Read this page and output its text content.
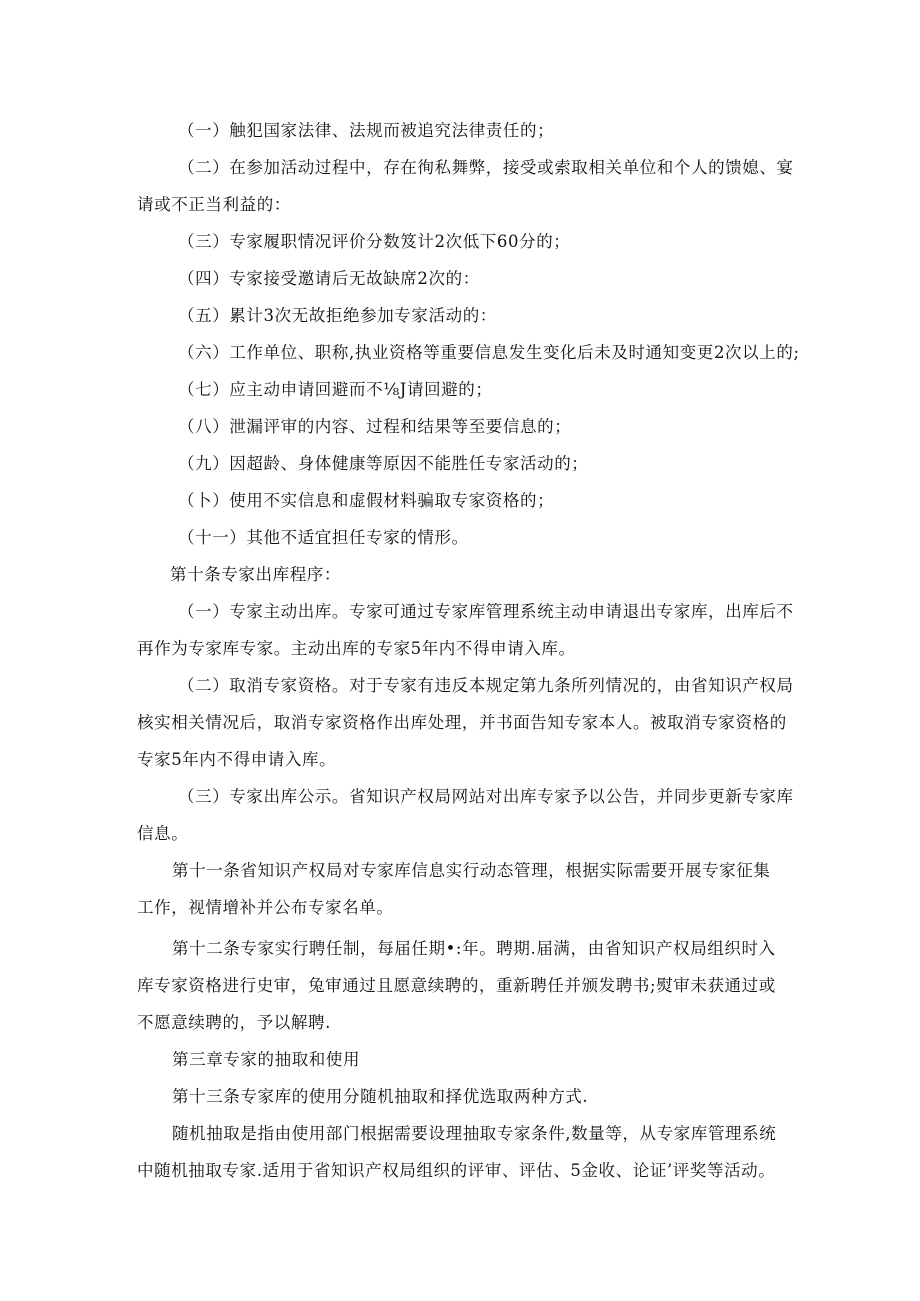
（一）触犯国家法律、法规而被追究法律责任的；
（二）在参加活动过程中，存在徇私舞弊，接受或索取相关单位和个人的馈媳、宴
请或不正当利益的：
（三）专家履职情况评价分数笈计2次低下60分的；
（四）专家接受邀请后无故缺席2次的：
（五）累计3次无故拒绝参加专家活动的：
（六）工作单位、职称,执业资格等重要信息发生变化后未及时通知变更2次以上的;
（七）应主动申请回避而不⅛J请回避的；
（八）泄漏评审的内容、过程和结果等至要信息的；
（九）因超龄、身体健康等原因不能胜任专家活动的；
（卜）使用不实信息和虚假材料骗取专家资格的；
（十一）其他不适宜担任专家的情形。
第十条专家出库程序：
（一）专家主动出库。专家可通过专家库管理系统主动申请退出专家库，出库后不
再作为专家库专家。主动出库的专家5年内不得申请入库。
（二）取消专家资格。对于专家有违反本规定第九条所列情况的，由省知识产权局
核实相关情况后，取消专家资格作出库处理，并书面告知专家本人。被取消专家资格的
专家5年内不得申请入库。
（三）专家出库公示。省知识产权局网站对出库专家予以公告，并同步更新专家库
信息。
第十一条省知识产权局对专家库信息实行动态管理，根据实际需要开展专家征集
工作，视情增补并公布专家名单。
第十二条专家实行聘任制，每届任期•:年。聘期.届满，由省知识产权局组织时入
库专家资格进行史审，兔审通过且愿意续聘的，重新聘任并颁发聘书;熨审未获通过或
不愿意续聘的，予以解聘.
第三章专家的抽取和使用
第十三条专家库的使用分随机抽取和择优选取两种方式.
随机抽取是指由使用部门根据需要设理抽取专家条件,数量等，从专家库管理系统
中随机抽取专家.适用于省知识产权局组织的评审、评估、5金收、论证’评奖等活动。
